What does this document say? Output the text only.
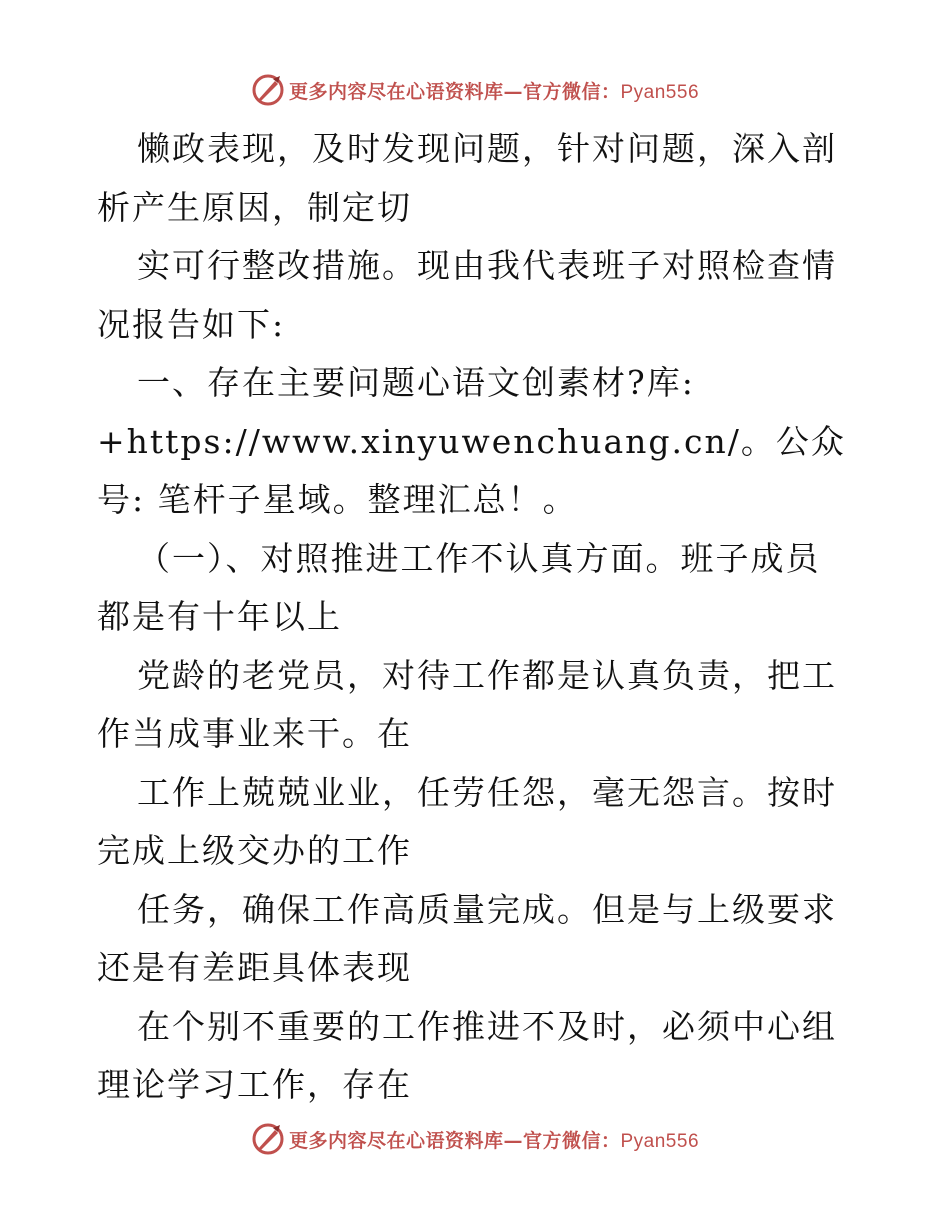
更多内容尽在心语资料库—官方微信：Pyan556

懒政表现，及时发现问题，针对问题，深入剖析产生原因，制定切

实可行整改措施。现由我代表班子对照检查情况报告如下:

一、存在主要问题心语文创素材?库:

+https://www.xinyuwenchuang.cn/。公众号: 笔杆子星域。整理汇总！。

（一）、对照推进工作不认真方面。班子成员都是有十年以上

党龄的老党员，对待工作都是认真负责，把工作当成事业来干。在

工作上兢兢业业，任劳任怨，毫无怨言。按时完成上级交办的工作

任务，确保工作高质量完成。但是与上级要求还是有差距具体表现

在个别不重要的工作推进不及时，必须中心组理论学习工作，存在

更多内容尽在心语资料库—官方微信：Pyan556
